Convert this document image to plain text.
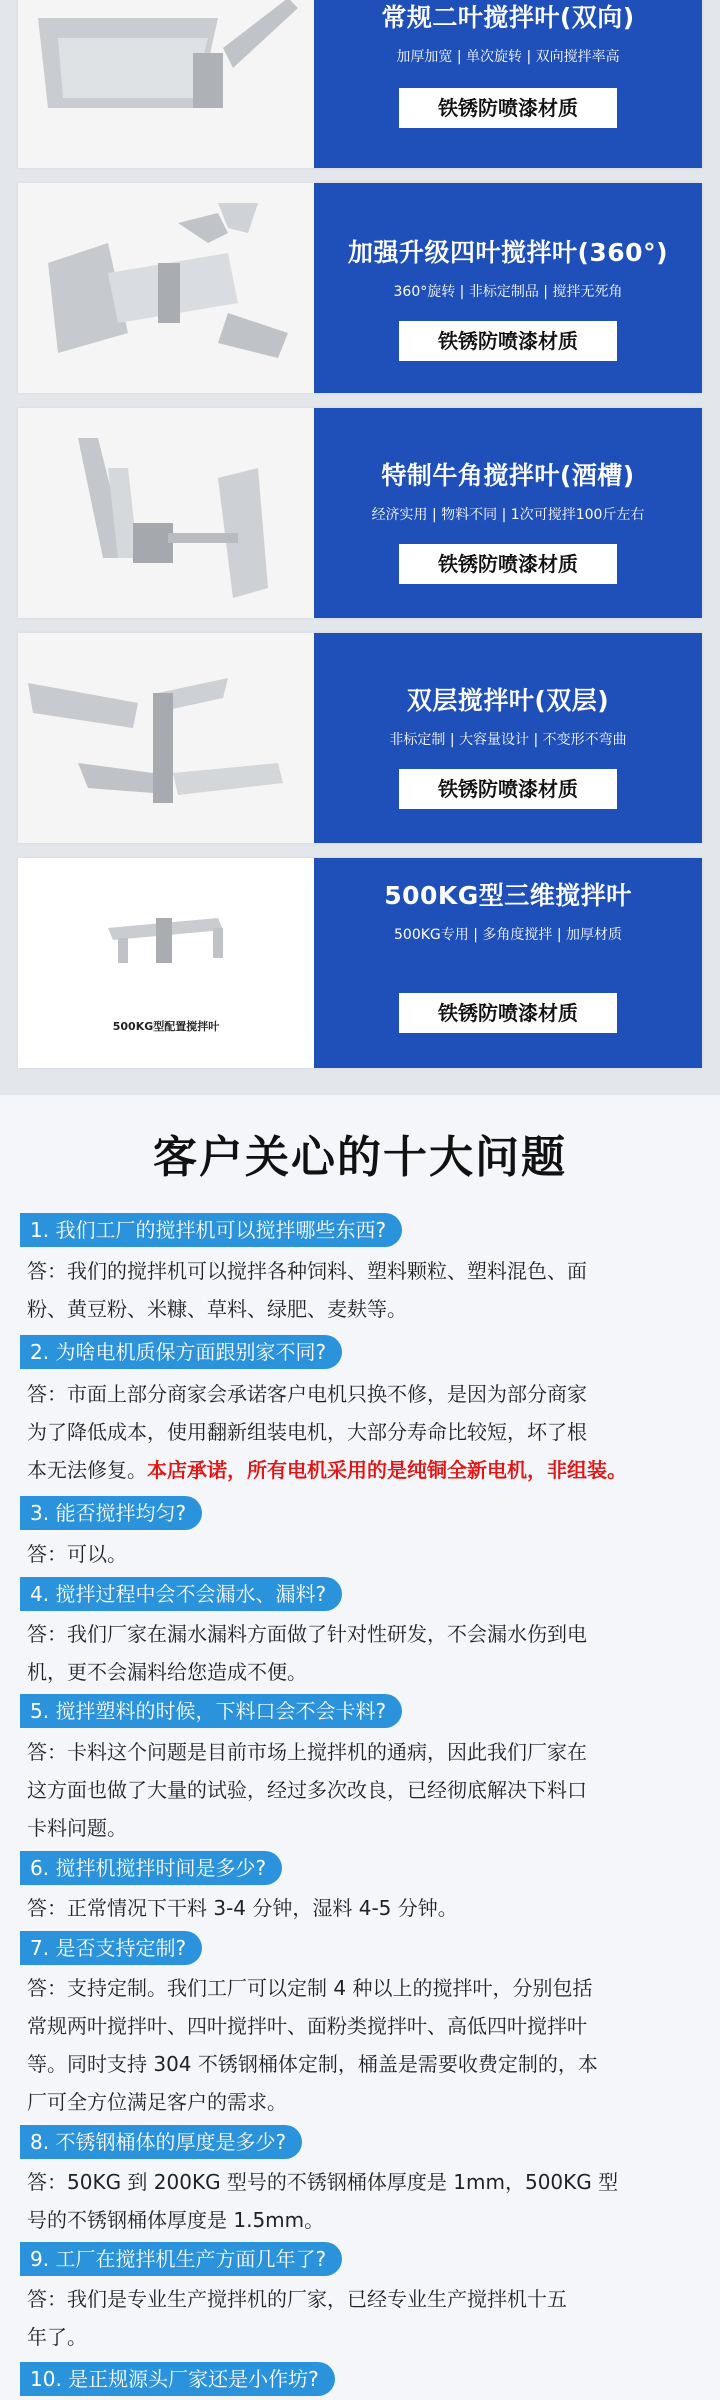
常规二叶搅拌叶(双向)
加厚加宽 | 单次旋转 | 双向搅拌率高
铁锈防喷漆材质
加强升级四叶搅拌叶(360°)
360°旋转 | 非标定制品 | 搅拌无死角
铁锈防喷漆材质
特制牛角搅拌叶(酒槽)
经济实用 | 物料不同 | 1次可搅拌100斤左右
铁锈防喷漆材质
双层搅拌叶(双层)
非标定制 | 大容量设计 | 不变形不弯曲
铁锈防喷漆材质
500KG型配置搅拌叶
500KG型三维搅拌叶
500KG专用 | 多角度搅拌 | 加厚材质
铁锈防喷漆材质
客户关心的十大问题
1. 我们工厂的搅拌机可以搅拌哪些东西?
答：我们的搅拌机可以搅拌各种饲料、塑料颗粒、塑料混色、面
粉、黄豆粉、米糠、草料、绿肥、麦麸等。
2. 为啥电机质保方面跟别家不同?
答：市面上部分商家会承诺客户电机只换不修，是因为部分商家
为了降低成本，使用翻新组装电机，大部分寿命比较短，坏了根
本无法修复。本店承诺，所有电机采用的是纯铜全新电机，非组装。
3. 能否搅拌均匀?
答：可以。
4. 搅拌过程中会不会漏水、漏料?
答：我们厂家在漏水漏料方面做了针对性研发，不会漏水伤到电
机，更不会漏料给您造成不便。
5. 搅拌塑料的时候，下料口会不会卡料?
答：卡料这个问题是目前市场上搅拌机的通病，因此我们厂家在
这方面也做了大量的试验，经过多次改良，已经彻底解决下料口
卡料问题。
6. 搅拌机搅拌时间是多少?
答：正常情况下干料 3-4 分钟，湿料 4-5 分钟。
7. 是否支持定制?
答：支持定制。我们工厂可以定制 4 种以上的搅拌叶，分别包括
常规两叶搅拌叶、四叶搅拌叶、面粉类搅拌叶、高低四叶搅拌叶
等。同时支持 304 不锈钢桶体定制，桶盖是需要收费定制的，本
厂可全方位满足客户的需求。
8. 不锈钢桶体的厚度是多少?
答：50KG 到 200KG 型号的不锈钢桶体厚度是 1mm，500KG 型
号的不锈钢桶体厚度是 1.5mm。
9. 工厂在搅拌机生产方面几年了?
答：我们是专业生产搅拌机的厂家，已经专业生产搅拌机十五
年了。
10. 是正规源头厂家还是小作坊?
